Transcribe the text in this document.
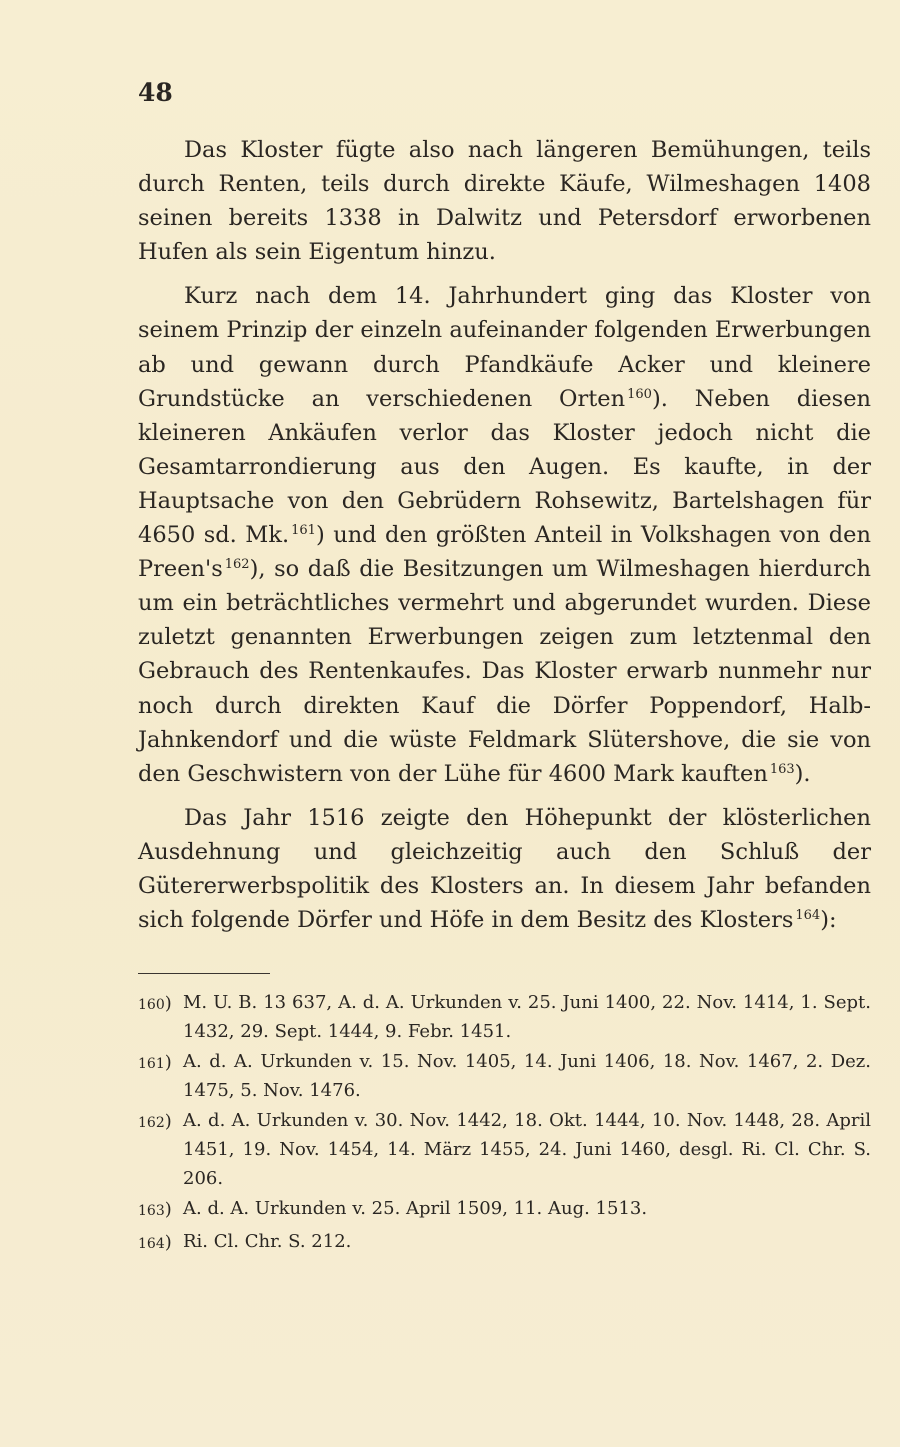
48

Das Kloster fügte also nach längeren Bemühungen, teils durch Renten, teils durch direkte Käufe, Wilmeshagen 1408 seinen bereits 1338 in Dalwitz und Petersdorf erworbenen Hufen als sein Eigentum hinzu.

Kurz nach dem 14. Jahrhundert ging das Kloster von seinem Prinzip der einzeln aufeinander folgenden Erwerbungen ab und gewann durch Pfandkäufe Acker und kleinere Grundstücke an verschiedenen Orten $^{160}$). Neben diesen kleineren Ankäufen verlor das Kloster jedoch nicht die Gesamtarrondierung aus den Augen. Es kaufte, in der Hauptsache von den Gebrüdern Rohsewitz, Bartelshagen für 4650 sd. Mk. $^{161}$) und den größten Anteil in Volkshagen von den Preen's $^{162}$), so daß die Besitzungen um Wilmeshagen hierdurch um ein beträchtliches vermehrt und abgerundet wurden. Diese zuletzt genannten Erwerbungen zeigen zum letztenmal den Gebrauch des Rentenkaufes. Das Kloster erwarb nunmehr nur noch durch direkten Kauf die Dörfer Poppendorf, Halb-Jahnkendorf und die wüste Feldmark Slütershove, die sie von den Geschwistern von der Lühe für 4600 Mark kauften $^{163}$).

Das Jahr 1516 zeigte den Höhepunkt der klösterlichen Ausdehnung und gleichzeitig auch den Schluß der Gütererwerbspolitik des Klosters an. In diesem Jahr befanden sich folgende Dörfer und Höfe in dem Besitz des Klosters $^{164}$):

160) M. U. B. 13 637, A. d. A. Urkunden v. 25. Juni 1400, 22. Nov. 1414, 1. Sept. 1432, 29. Sept. 1444, 9. Febr. 1451.
161) A. d. A. Urkunden v. 15. Nov. 1405, 14. Juni 1406, 18. Nov. 1467, 2. Dez. 1475, 5. Nov. 1476.
162) A. d. A. Urkunden v. 30. Nov. 1442, 18. Okt. 1444, 10. Nov. 1448, 28. April 1451, 19. Nov. 1454, 14. März 1455, 24. Juni 1460, desgl. Ri. Cl. Chr. S. 206.
163) A. d. A. Urkunden v. 25. April 1509, 11. Aug. 1513.
164) Ri. Cl. Chr. S. 212.
